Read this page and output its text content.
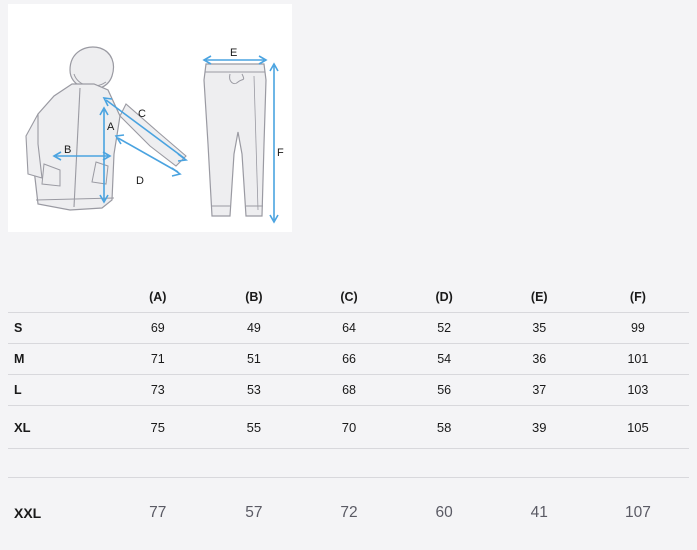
A
B
C
D
E
F
	(A)	(B)	(C)	(D)	(E)	(F)
S	69	49	64	52	35	99
M	71	51	66	54	36	101
L	73	53	68	56	37	103
XL	75	55	70	58	39	105

XXL	77	57	72	60	41	107
